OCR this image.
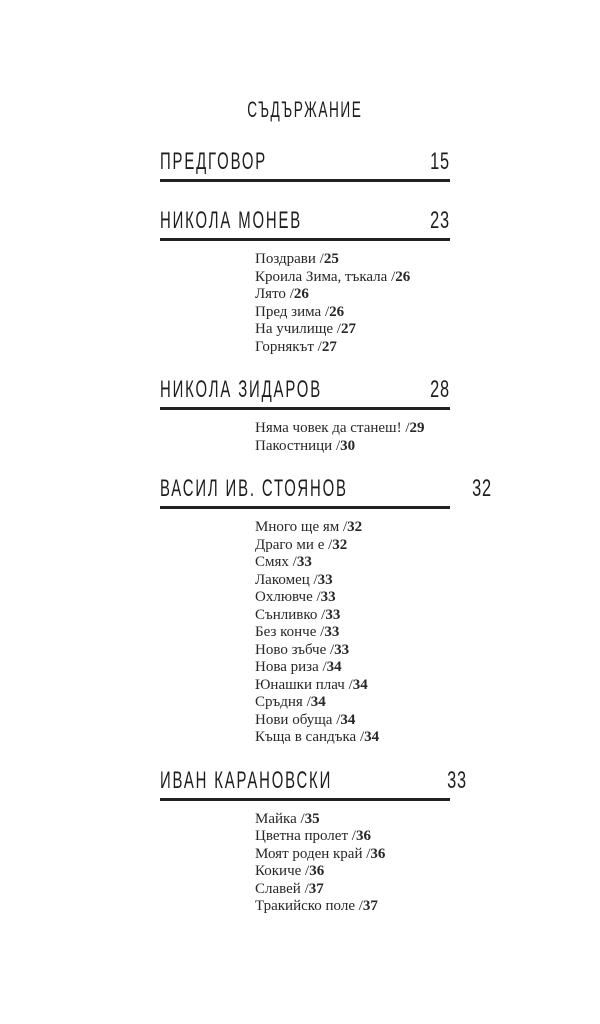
СЪДЪРЖАНИЕ
ПРЕДГОВОР	15
НИКОЛА МОНЕВ	23
Поздрави /25
Кроила Зима, тъкала /26
Лято /26
Пред зима /26
На училище /27
Горнякът /27
НИКОЛА ЗИДАРОВ	28
Няма човек да станеш! /29
Пакостници /30
ВАСИЛ ИВ. СТОЯНОВ	32
Много ще ям /32
Драго ми е /32
Смях /33
Лакомец /33
Охлювче /33
Сънливко /33
Без конче /33
Ново зъбче /33
Нова риза /34
Юнашки плач /34
Сръдня /34
Нови обуща /34
Къща в сандъка /34
ИВАН КАРАНОВСКИ	33
Майка /35
Цветна пролет /36
Моят роден край /36
Кокиче /36
Славей /37
Тракийско поле /37
